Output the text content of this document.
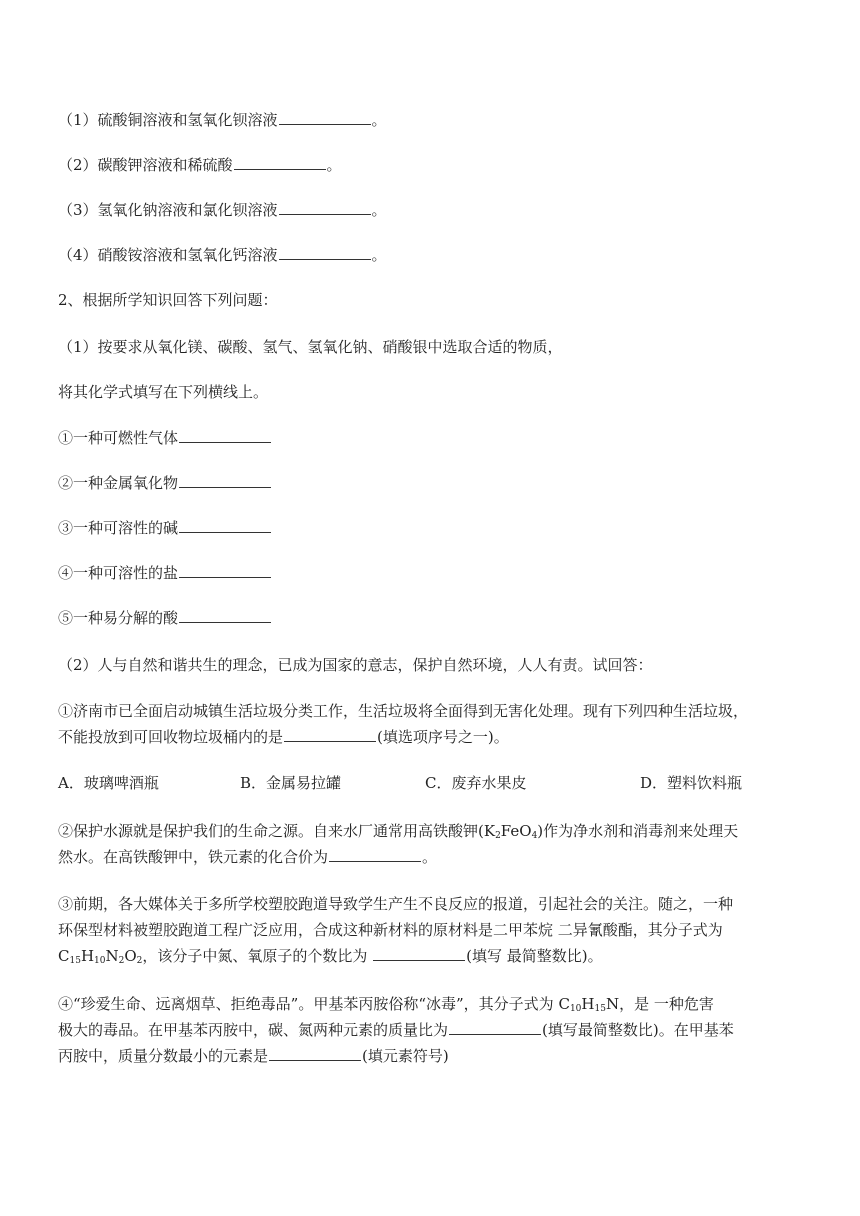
（1）硫酸铜溶液和氢氧化钡溶液	。
（2）碳酸钾溶液和稀硫酸	。
（3）氢氧化钠溶液和氯化钡溶液	。
（4）硝酸铵溶液和氢氧化钙溶液	。
2、根据所学知识回答下列问题：
（1）按要求从氧化镁、碳酸、氢气、氢氧化钠、硝酸银中选取合适的物质，
将其化学式填写在下列横线上。
①一种可燃性气体
②一种金属氧化物
③一种可溶性的碱
④一种可溶性的盐
⑤一种易分解的酸
（2）人与自然和谐共生的理念，已成为国家的意志，保护自然环境，人人有责。试回答：
①济南市已全面启动城镇生活垃圾分类工作，生活垃圾将全面得到无害化处理。现有下列四种生活垃圾，
不能投放到可回收物垃圾桶内的是	(填选项序号之一)。
A．玻璃啤酒瓶	B．金属易拉罐	C．废弃水果皮	D．塑料饮料瓶
②保护水源就是保护我们的生命之源。自来水厂通常用高铁酸钾$(K_2FeO_4)$作为净水剂和消毒剂来处理天
然水。在高铁酸钾中，铁元素的化合价为	。
③前期，各大媒体关于多所学校塑胶跑道导致学生产生不良反应的报道，引起社会的关注。随之，一种
环保型材料被塑胶跑道工程广泛应用，合成这种新材料的原材料是二甲苯烷 二异氰酸酯，其分子式为
$C_{15}H_{10}N_2O_2$，该分子中氮、氧原子的个数比为	(填写 最简整数比)。
④“珍爱生命、远离烟草、拒绝毒品”。甲基苯丙胺俗称“冰毒”，其分子式为 $C_{10}H_{15}N$，是 一种危害
极大的毒品。在甲基苯丙胺中，碳、氮两种元素的质量比为	(填写最简整数比)。在甲基苯
丙胺中，质量分数最小的元素是	(填元素符号)
